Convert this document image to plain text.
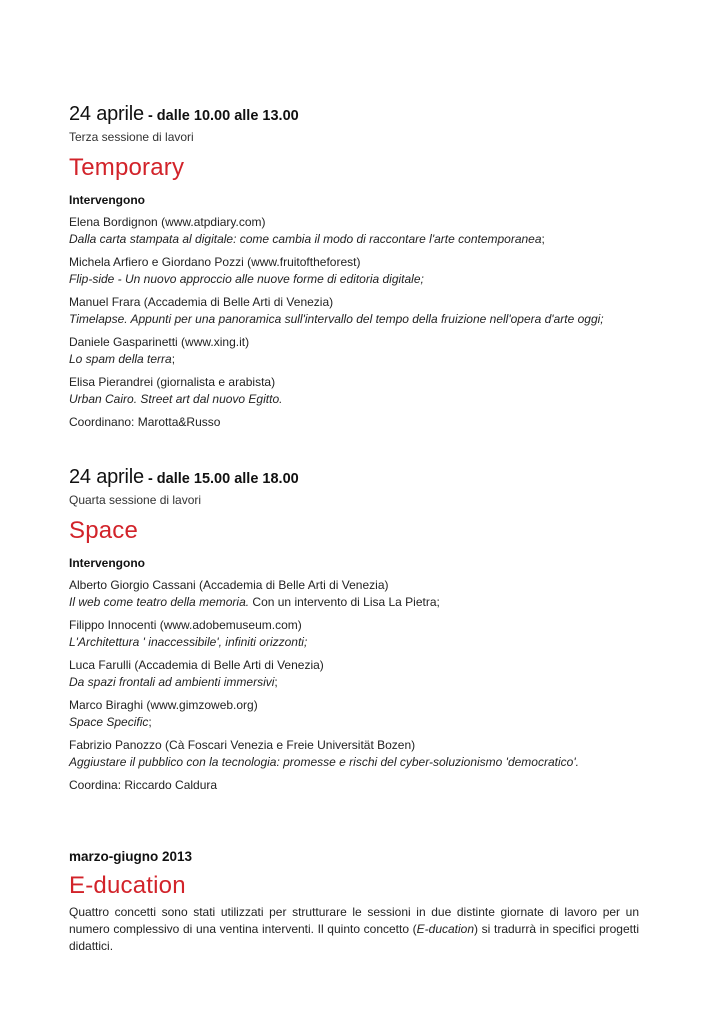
24 aprile - dalle 10.00 alle 13.00
Terza sessione di lavori
Temporary
Intervengono
Elena Bordignon (www.atpdiary.com)
Dalla carta stampata al digitale: come cambia il modo di raccontare l'arte contemporanea;
Michela Arfiero e Giordano Pozzi (www.fruitoftheforest)
Flip-side - Un nuovo approccio alle nuove forme di editoria digitale;
Manuel Frara (Accademia di Belle Arti di Venezia)
Timelapse. Appunti per una panoramica sull'intervallo del tempo della fruizione nell'opera d'arte oggi;
Daniele Gasparinetti (www.xing.it)
Lo spam della terra;
Elisa Pierandrei (giornalista e arabista)
Urban Cairo. Street art dal nuovo Egitto.
Coordinano: Marotta&Russo
24 aprile - dalle 15.00 alle 18.00
Quarta sessione di lavori
Space
Intervengono
Alberto Giorgio Cassani (Accademia di Belle Arti di Venezia)
Il web come teatro della memoria. Con un intervento di Lisa La Pietra;
Filippo Innocenti (www.adobemuseum.com)
L'Architettura ' inaccessibile', infiniti orizzonti;
Luca Farulli (Accademia di Belle Arti di Venezia)
Da spazi frontali ad ambienti immersivi;
Marco Biraghi (www.gimzoweb.org)
Space Specific;
Fabrizio Panozzo (Cà Foscari Venezia e Freie Universität Bozen)
Aggiustare il pubblico con la tecnologia: promesse e rischi del cyber-soluzionismo 'democratico'.
Coordina: Riccardo Caldura
marzo-giugno 2013
E-ducation
Quattro concetti sono stati utilizzati per strutturare le sessioni in due distinte giornate di lavoro per un numero complessivo di una ventina interventi. Il quinto concetto (E-ducation) si tradurrà in specifici progetti didattici.
